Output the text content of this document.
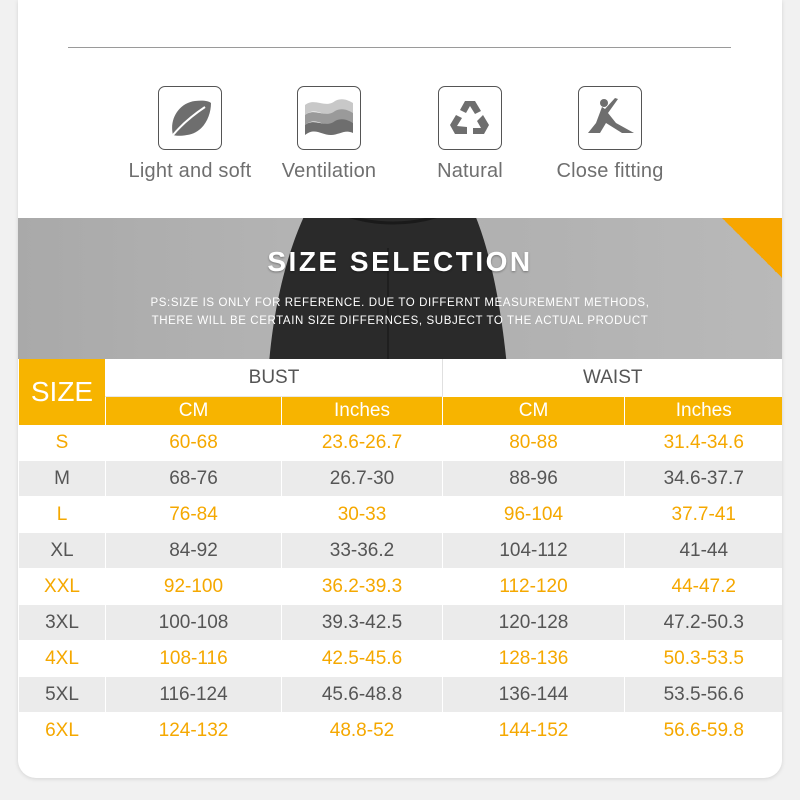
Light and soft	Ventilation	Natural	Close fitting
SIZE SELECTION
PS:SIZE IS ONLY FOR REFERENCE. DUE TO DIFFERNT MEASUREMENT METHODS,
THERE WILL BE CERTAIN SIZE DIFFERNCES, SUBJECT TO THE ACTUAL PRODUCT
SIZE	BUST		WAIST	
	CM	Inches	CM	Inches
S	60-68	23.6-26.7	80-88	31.4-34.6
M	68-76	26.7-30	88-96	34.6-37.7
L	76-84	30-33	96-104	37.7-41
XL	84-92	33-36.2	104-112	41-44
XXL	92-100	36.2-39.3	112-120	44-47.2
3XL	100-108	39.3-42.5	120-128	47.2-50.3
4XL	108-116	42.5-45.6	128-136	50.3-53.5
5XL	116-124	45.6-48.8	136-144	53.5-56.6
6XL	124-132	48.8-52	144-152	56.6-59.8
